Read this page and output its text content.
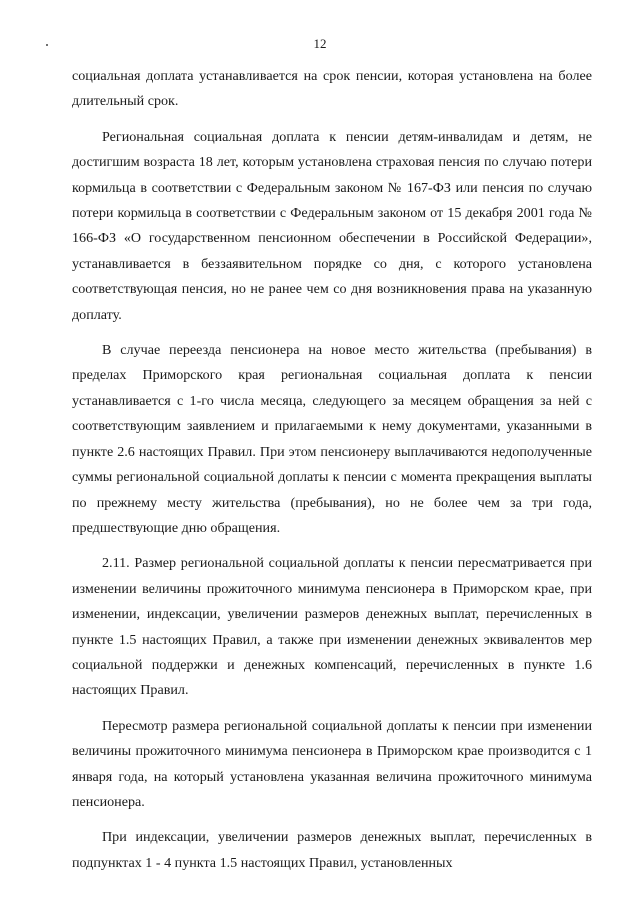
12

социальная доплата устанавливается на срок пенсии, которая установлена на более длительный срок.

Региональная социальная доплата к пенсии детям-инвалидам и детям, не достигшим возраста 18 лет, которым установлена страховая пенсия по случаю потери кормильца в соответствии с Федеральным законом № 167-ФЗ или пенсия по случаю потери кормильца в соответствии с Федеральным законом от 15 декабря 2001 года № 166-ФЗ «О государственном пенсионном обеспечении в Российской Федерации», устанавливается в беззаявительном порядке со дня, с которого установлена соответствующая пенсия, но не ранее чем со дня возникновения права на указанную доплату.

В случае переезда пенсионера на новое место жительства (пребывания) в пределах Приморского края региональная социальная доплата к пенсии устанавливается с 1-го числа месяца, следующего за месяцем обращения за ней с соответствующим заявлением и прилагаемыми к нему документами, указанными в пункте 2.6 настоящих Правил. При этом пенсионеру выплачиваются недополученные суммы региональной социальной доплаты к пенсии с момента прекращения выплаты по прежнему месту жительства (пребывания), но не более чем за три года, предшествующие дню обращения.

2.11. Размер региональной социальной доплаты к пенсии пересматривается при изменении величины прожиточного минимума пенсионера в Приморском крае, при изменении, индексации, увеличении размеров денежных выплат, перечисленных в пункте 1.5 настоящих Правил, а также при изменении денежных эквивалентов мер социальной поддержки и денежных компенсаций, перечисленных в пункте 1.6 настоящих Правил.

Пересмотр размера региональной социальной доплаты к пенсии при изменении величины прожиточного минимума пенсионера в Приморском крае производится с 1 января года, на который установлена указанная величина прожиточного минимума пенсионера.

При индексации, увеличении размеров денежных выплат, перечисленных в подпунктах 1 - 4 пункта 1.5 настоящих Правил, установленных
